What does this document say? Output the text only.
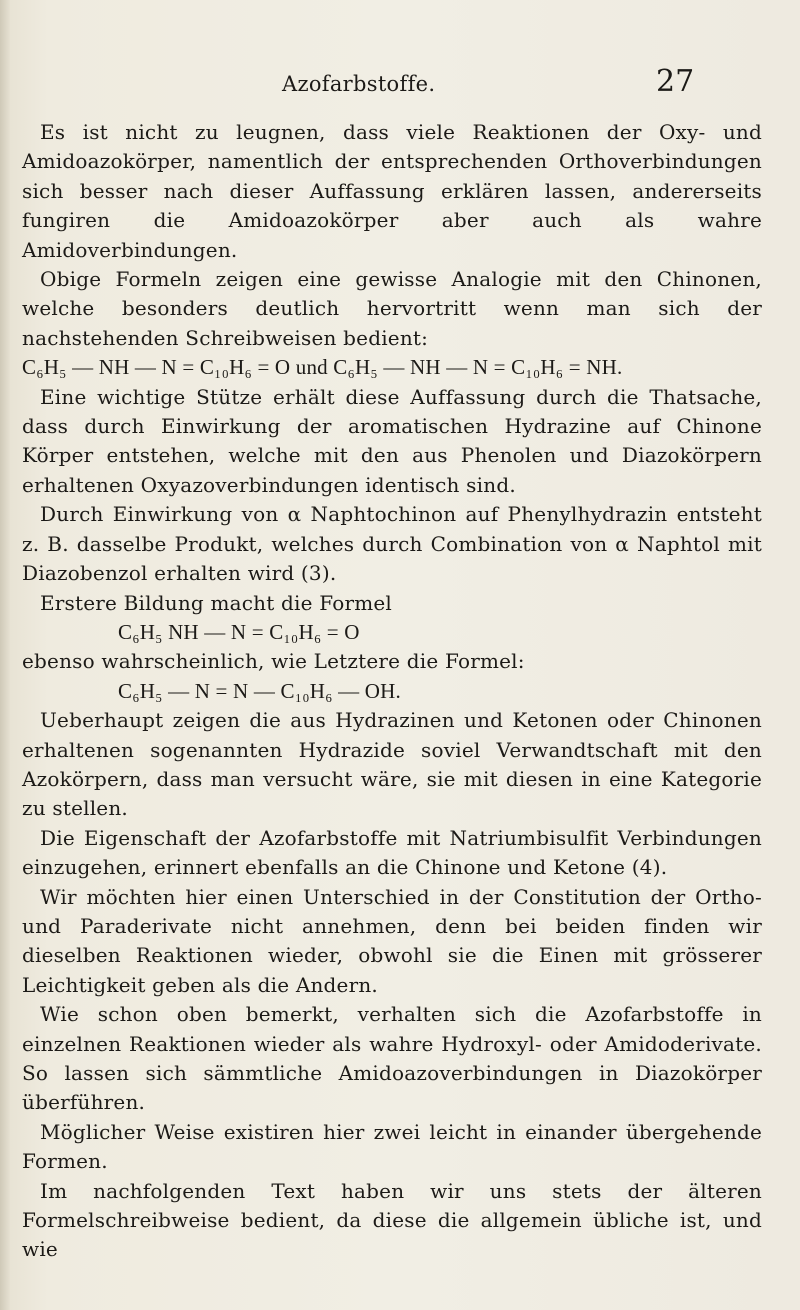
Azofarbstoffe.	27

Es ist nicht zu leugnen, dass viele Reaktionen der Oxy- und Amidoazokörper, namentlich der entsprechenden Orthoverbindungen sich besser nach dieser Auffassung erklären lassen, andererseits fungiren die Amidoazokörper aber auch als wahre Amidoverbindungen.

Obige Formeln zeigen eine gewisse Analogie mit den Chinonen, welche besonders deutlich hervortritt wenn man sich der nachstehenden Schreibweisen bedient:

C₆H₅ — NH — N = C₁₀H₆ = O und C₆H₅ — NH — N = C₁₀H₆ = NH.

Eine wichtige Stütze erhält diese Auffassung durch die Thatsache, dass durch Einwirkung der aromatischen Hydrazine auf Chinone Körper entstehen, welche mit den aus Phenolen und Diazokörpern erhaltenen Oxyazoverbindungen identisch sind.

Durch Einwirkung von α Naphtochinon auf Phenylhydrazin entsteht z. B. dasselbe Produkt, welches durch Combination von α Naphtol mit Diazobenzol erhalten wird (3).

Erstere Bildung macht die Formel

C₆H₅ NH — N = C₁₀H₆ = O

ebenso wahrscheinlich, wie Letztere die Formel:

C₆H₅ — N = N — C₁₀H₆ — OH.

Ueberhaupt zeigen die aus Hydrazinen und Ketonen oder Chinonen erhaltenen sogenannten Hydrazide soviel Verwandtschaft mit den Azokörpern, dass man versucht wäre, sie mit diesen in eine Kategorie zu stellen.

Die Eigenschaft der Azofarbstoffe mit Natriumbisulfit Verbindungen einzugehen, erinnert ebenfalls an die Chinone und Ketone (4).

Wir möchten hier einen Unterschied in der Constitution der Ortho- und Paraderivate nicht annehmen, denn bei beiden finden wir dieselben Reaktionen wieder, obwohl sie die Einen mit grösserer Leichtigkeit geben als die Andern.

Wie schon oben bemerkt, verhalten sich die Azofarbstoffe in einzelnen Reaktionen wieder als wahre Hydroxyl- oder Amidoderivate. So lassen sich sämmtliche Amidoazoverbindungen in Diazokörper überführen.

Möglicher Weise existiren hier zwei leicht in einander übergehende Formen.

Im nachfolgenden Text haben wir uns stets der älteren Formelschreibweise bedient, da diese die allgemein übliche ist, und wie
